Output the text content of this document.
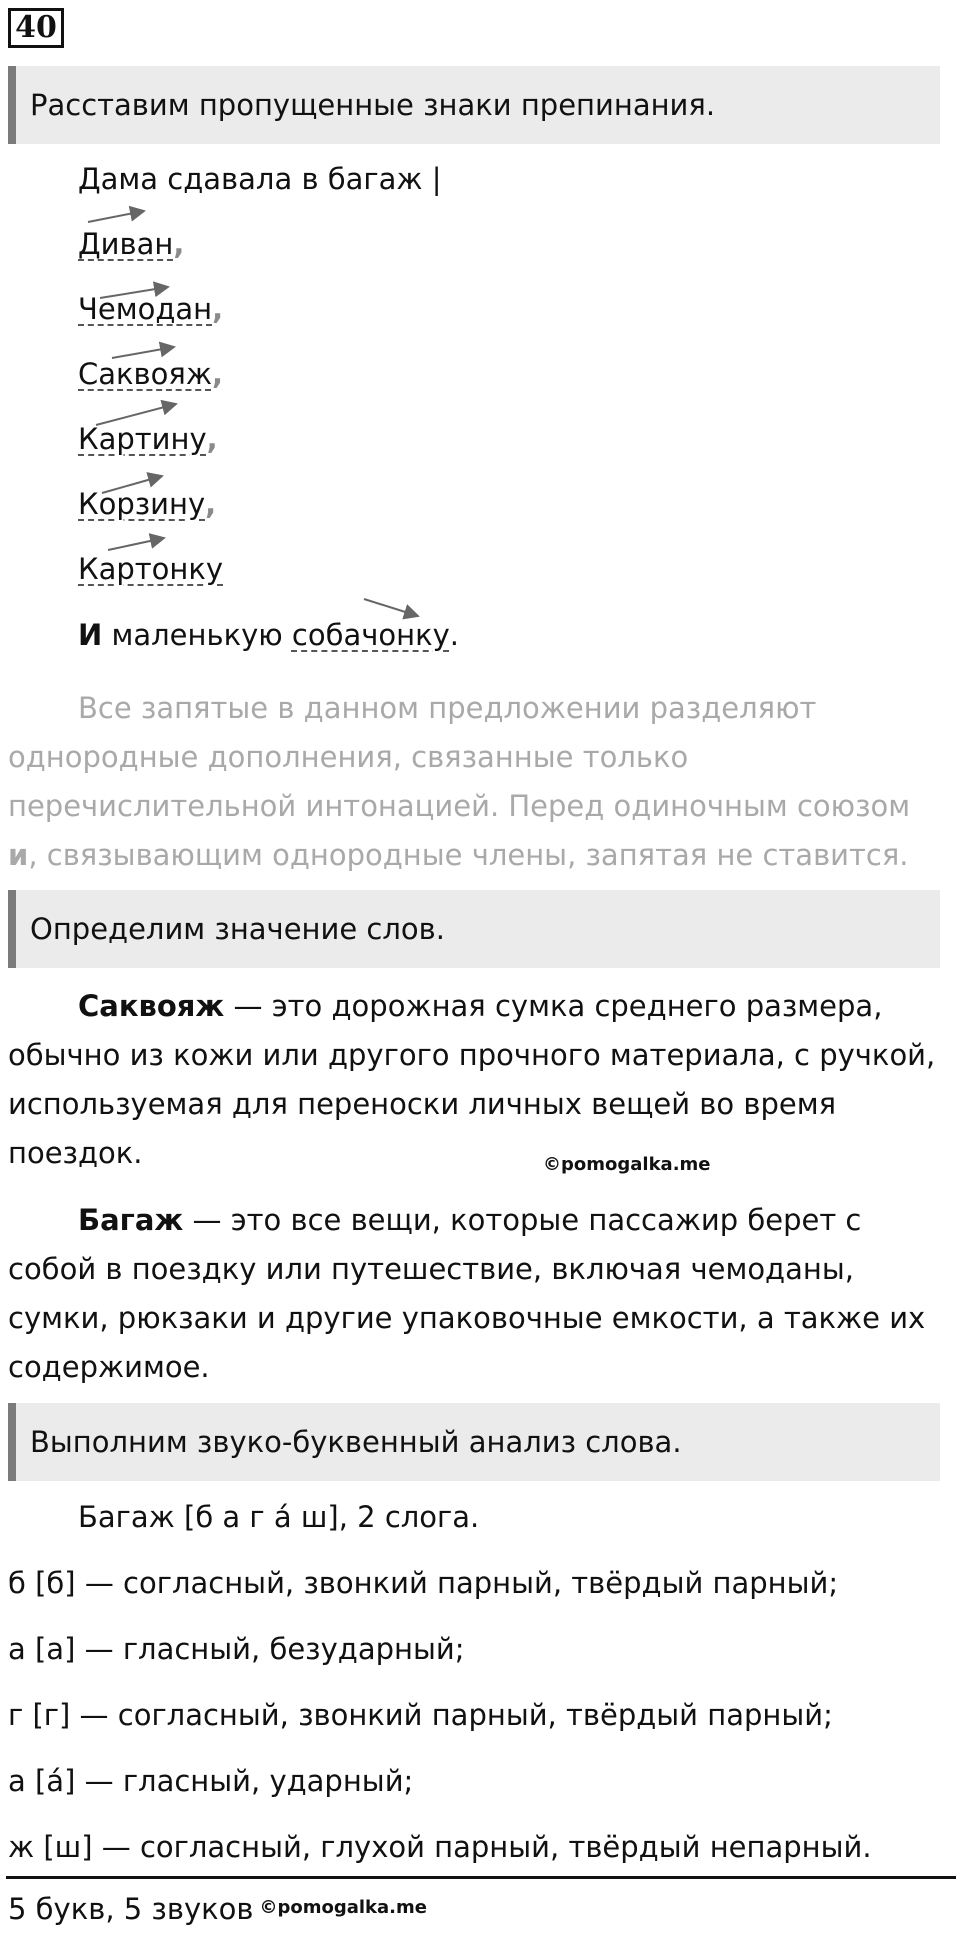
40
Расставим пропущенные знаки препинания.
Дама сдавала в багаж |
Диван,
Чемодан,
Саквояж,
Картину,
Корзину,
Картонку
И маленькую собачонку.
Все запятые в данном предложении разделяют однородные дополнения, связанные только перечислительной интонацией. Перед одиночным союзом и, связывающим однородные члены, запятая не ставится.
Определим значение слов.
Саквояж — это дорожная сумка среднего размера, обычно из кожи или другого прочного материала, с ручкой, используемая для переноски личных вещей во время поездок.	©pomogalka.me
Багаж — это все вещи, которые пассажир берет с собой в поездку или путешествие, включая чемоданы, сумки, рюкзаки и другие упаковочные емкости, а также их содержимое.
Выполним звуко-буквенный анализ слова.
Багаж [б а г а́ ш], 2 слога.
б [б] — согласный, звонкий парный, твёрдый парный;
а [а] — гласный, безударный;
г [г] — согласный, звонкий парный, твёрдый парный;
а [а́] — гласный, ударный;
ж [ш] — согласный, глухой парный, твёрдый непарный.
5 букв, 5 звуков $^{©pomogalka.me}$
